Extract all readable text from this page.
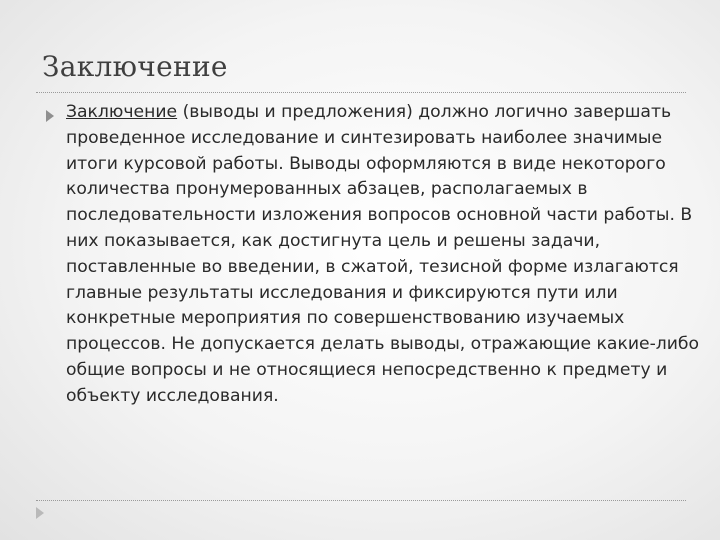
Заключение

Заключение (выводы и предложения) должно логично завершать проведенное исследование и синтезировать наиболее значимые итоги курсовой работы. Выводы оформляются в виде некоторого количества пронумерованных абзацев, располагаемых в последовательности изложения вопросов основной части работы. В них показывается, как достигнута цель и решены задачи, поставленные во введении, в сжатой, тезисной форме излагаются главные результаты исследования и фиксируются пути или конкретные мероприятия по совершенствованию изучаемых процессов. Не допускается делать выводы, отражающие какие-либо общие вопросы и не относящиеся непосредственно к предмету и объекту исследования.
